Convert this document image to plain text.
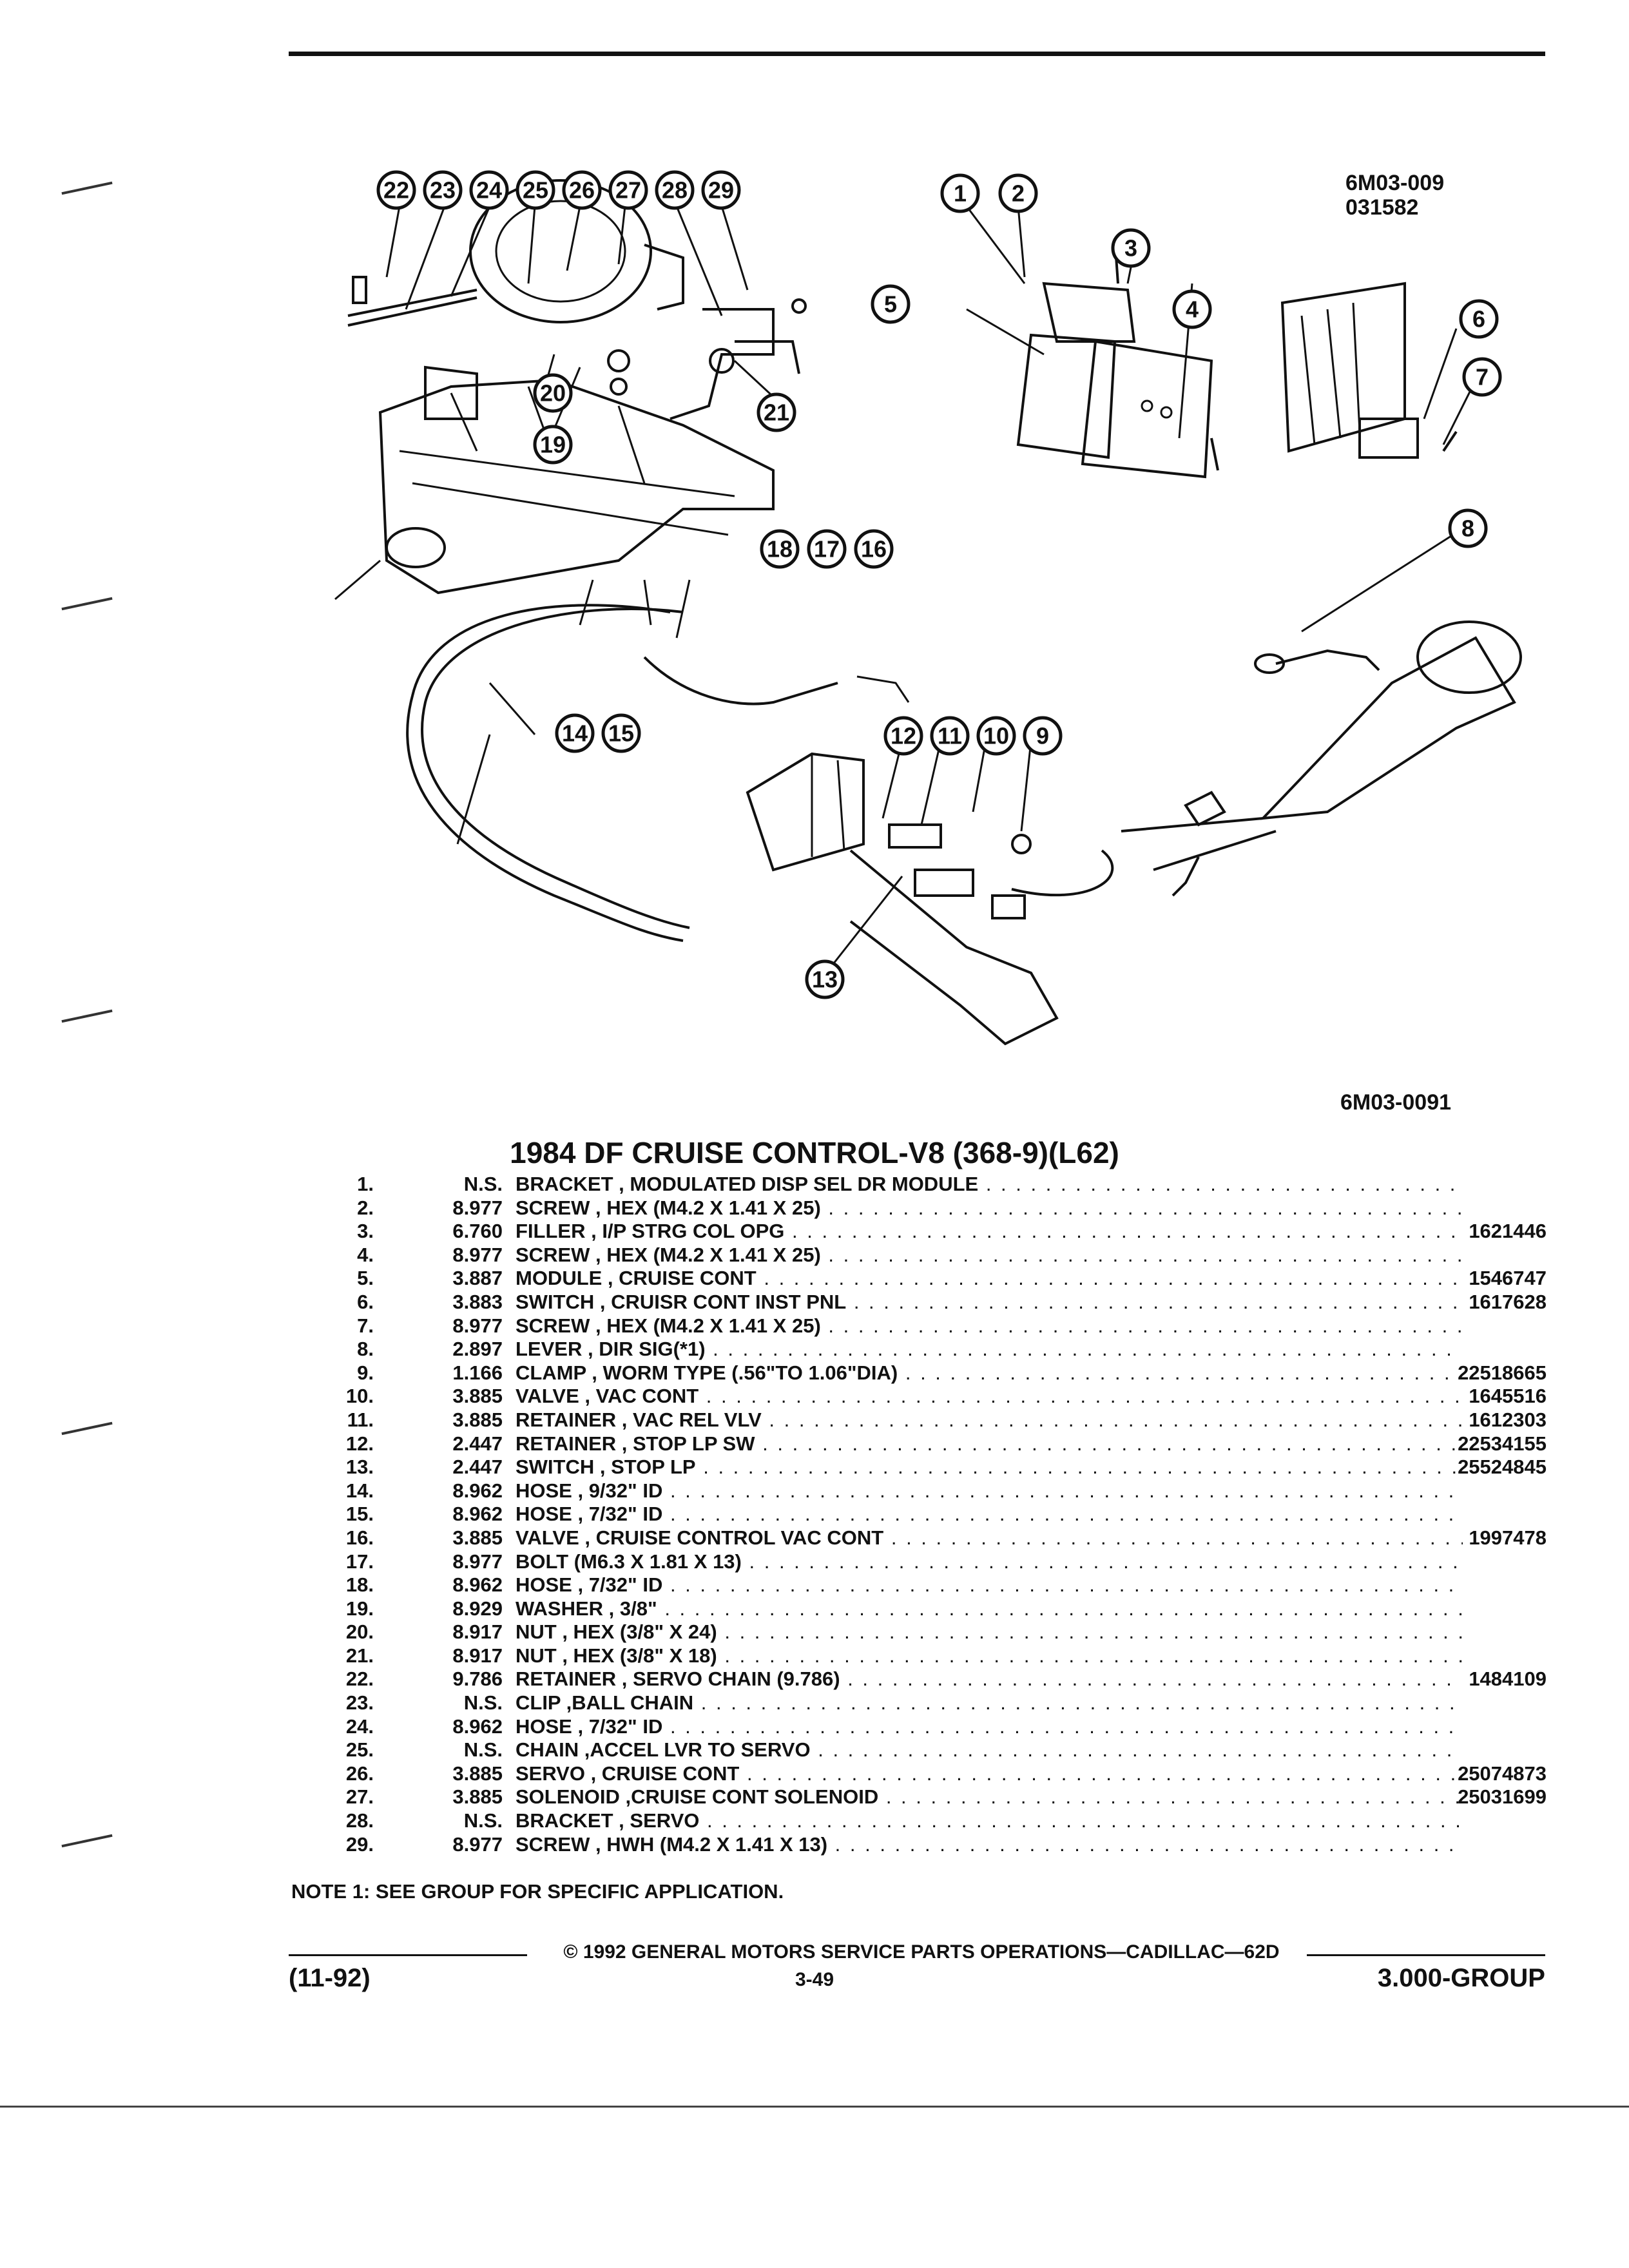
6M03-009
031582
6M03-0091
22 23 24 25 26 27 28 29	1 2
3
4
5
6
7
8
20
19
21
18 17 16
14 15	12 11 10 9
13
1984 DF CRUISE CONTROL-V8 (368-9)(L62)
1.	N.S. BRACKET , MODULATED DISP SEL DR MODULE . . .
2.	8.977 SCREW , HEX (M4.2 X 1.41 X 25) . . .
3.	6.760 FILLER , I/P STRG COL OPG . . .	1621446
4.	8.977 SCREW , HEX (M4.2 X 1.41 X 25) . . .
5.	3.887 MODULE , CRUISE CONT . . .	1546747
6.	3.883 SWITCH , CRUISR CONT INST PNL . . .	1617628
7.	8.977 SCREW , HEX (M4.2 X 1.41 X 25) . . .
8.	2.897 LEVER , DIR SIG(*1) . . .
9.	1.166 CLAMP , WORM TYPE (.56"TO 1.06"DIA) . . .	22518665
10.	3.885 VALVE , VAC CONT . . .	1645516
11.	3.885 RETAINER , VAC REL VLV . . .	1612303
12.	2.447 RETAINER , STOP LP SW . . .	22534155
13.	2.447 SWITCH , STOP LP . . .	25524845
14.	8.962 HOSE , 9/32" ID . . .
15.	8.962 HOSE , 7/32" ID . . .
16.	3.885 VALVE , CRUISE CONTROL VAC CONT . . .	1997478
17.	8.977 BOLT (M6.3 X 1.81 X 13) . . .
18.	8.962 HOSE , 7/32" ID . . .
19.	8.929 WASHER , 3/8" . . .
20.	8.917 NUT , HEX (3/8" X 24) . . .
21.	8.917 NUT , HEX (3/8" X 18) . . .
22.	9.786 RETAINER , SERVO CHAIN (9.786) . . .	1484109
23.	N.S. CLIP ,BALL CHAIN . . .
24.	8.962 HOSE , 7/32" ID . . .
25.	N.S. CHAIN ,ACCEL LVR TO SERVO . . .
26.	3.885 SERVO , CRUISE CONT . . .	25074873
27.	3.885 SOLENOID ,CRUISE CONT SOLENOID . . .	25031699
28.	N.S. BRACKET , SERVO . . .
29.	8.977 SCREW , HWH (M4.2 X 1.41 X 13) . . .
NOTE 1: SEE GROUP FOR SPECIFIC APPLICATION.
© 1992 GENERAL MOTORS SERVICE PARTS OPERATIONS—CADILLAC—62D
(11-92)	3-49	3.000-GROUP
